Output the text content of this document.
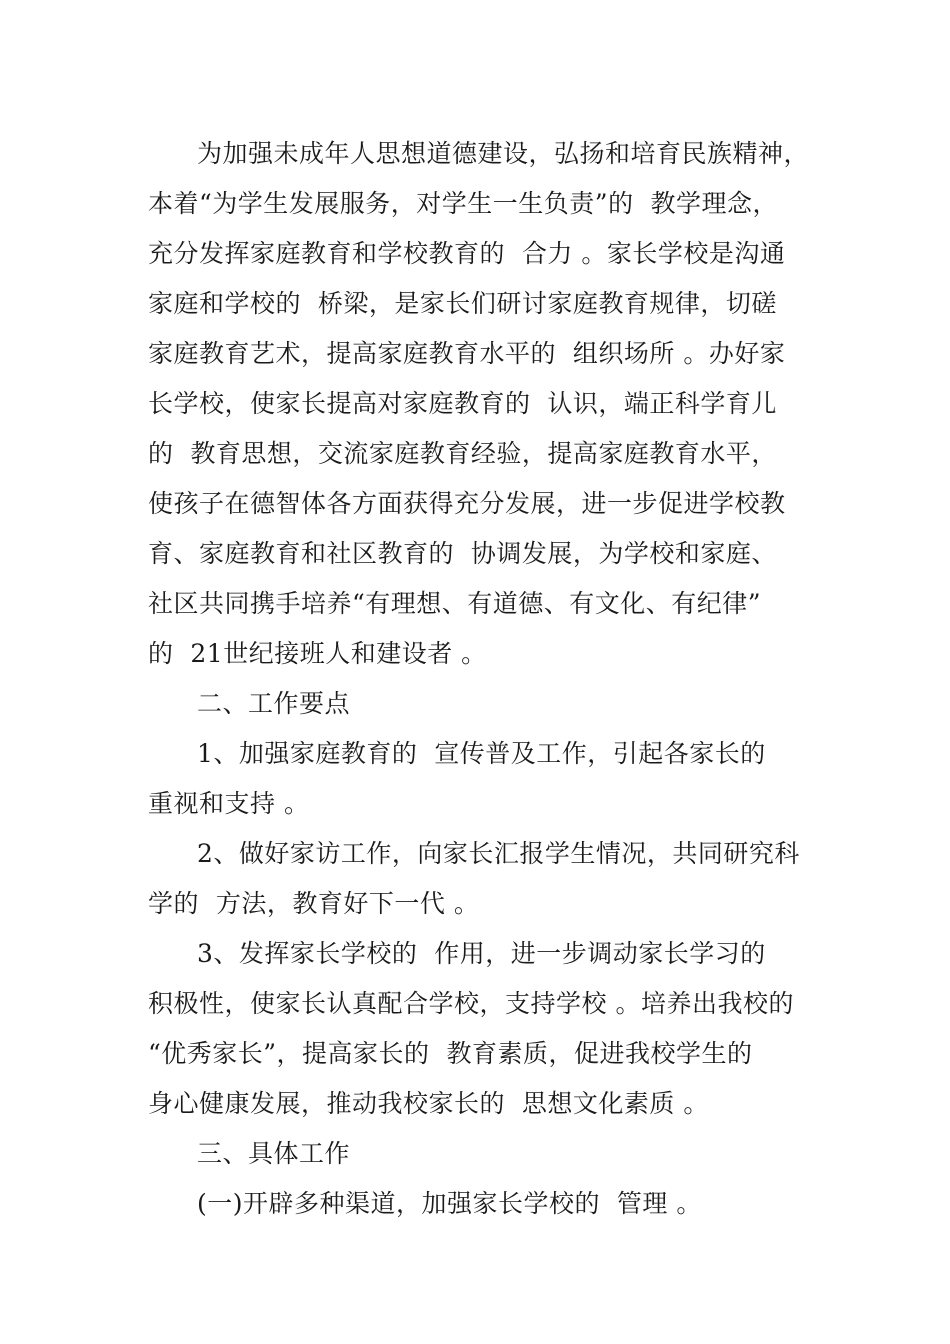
为加强未成年人思想道德建设，弘扬和培育民族精神，
本着“为学生发展服务，对学生一生负责”的  教学理念，
充分发挥家庭教育和学校教育的  合力 。家长学校是沟通
家庭和学校的  桥梁，是家长们研讨家庭教育规律，切磋
家庭教育艺术，提高家庭教育水平的  组织场所 。办好家
长学校，使家长提高对家庭教育的  认识，端正科学育儿
的  教育思想，交流家庭教育经验，提高家庭教育水平，
使孩子在德智体各方面获得充分发展，进一步促进学校教
育、家庭教育和社区教育的  协调发展，为学校和家庭、
社区共同携手培养“有理想、有道德、有文化、有纪律”
的  21世纪接班人和建设者 。
二、工作要点
1、加强家庭教育的  宣传普及工作，引起各家长的
重视和支持 。
2、做好家访工作，向家长汇报学生情况，共同研究科
学的  方法，教育好下一代 。
3、发挥家长学校的  作用，进一步调动家长学习的
积极性，使家长认真配合学校，支持学校 。培养出我校的
“优秀家长”，提高家长的  教育素质，促进我校学生的
身心健康发展，推动我校家长的  思想文化素质 。
三、具体工作
(一)开辟多种渠道，加强家长学校的  管理 。
